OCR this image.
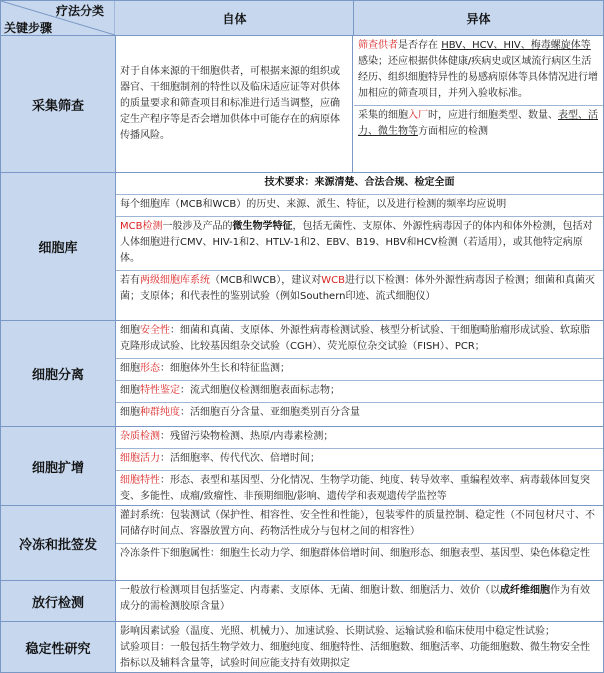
疗法分类
关键步骤
自体	异体
采集筛查

对于自体来源的干细胞供者，可根据来源的组织或器官、干细胞制剂的特性以及临床适应证等对供体的质量要求和筛查项目和标准进行适当调整，应确定生产程序等是否会增加供体中可能存在的病原体传播风险。

筛查供者是否存在 HBV、HCV、HIV、梅毒螺旋体等感染；还应根据供体健康/疾病史或区域流行病区生活经历、组织细胞特异性的易感病原体等具体情况进行增加相应的筛查项目，并列入验收标准。

采集的细胞入厂时，应进行细胞类型、数量、表型、活力、微生物等方面相应的检测

细胞库

技术要求：来源清楚、合法合规、检定全面

每个细胞库（MCB和WCB）的历史、来源、派生、特征，以及进行检测的频率均应说明

MCB检测一般涉及产品的微生物学特征，包括无菌性、支原体、外源性病毒因子的体内和体外检测，包括对人体细胞进行CMV、HIV-1和2、HTLV-1和2、EBV、B19、HBV和HCV检测（若适用），或其他特定病原体。

若有两级细胞库系统（MCB和WCB），建议对WCB进行以下检测：体外外源性病毒因子检测；细菌和真菌灭菌；支原体；和代表性的鉴别试验（例如Southern印迹、流式细胞仪）

细胞分离

细胞安全性：细菌和真菌、支原体、外源性病毒检测试验、核型分析试验、干细胞畸胎瘤形成试验、软琼脂克隆形成试验、比较基因组杂交试验（CGH）、荧光原位杂交试验（FISH）、PCR；

细胞形态：细胞体外生长和特征监测；

细胞特性鉴定：流式细胞仪检测细胞表面标志物；

细胞种群纯度：活细胞百分含量、亚细胞类别百分含量

细胞扩增

杂质检测：残留污染物检测、热原/内毒素检测；

细胞活力：活细胞率、传代代次、倍增时间；

细胞特性：形态、表型和基因型、分化情况、生物学功能、纯度、转导效率、重编程效率、病毒载体回复突变、多能性、成瘤/致瘤性、非预期细胞/影响、遗传学和表观遗传学监控等

冷冻和批签发

灌封系统：包装测试（保护性、相容性、安全性和性能），包装零件的质量控制、稳定性（不同包材尺寸、不同储存时间点、容器放置方向、药物活性成分与包材之间的相容性）

冷冻条件下细胞属性：细胞生长动力学、细胞群体倍增时间、细胞形态、细胞表型、基因型、染色体稳定性

放行检测

一般放行检测项目包括鉴定、内毒素、支原体、无菌、细胞计数、细胞活力、效价（以成纤维细胞作为有效成分的需检测胶原含量）

稳定性研究

影响因素试验（温度、光照、机械力）、加速试验、长期试验、运输试验和临床使用中稳定性试验；

试验项目：一般包括生物学效力、细胞纯度、细胞特性、活细胞数、细胞活率、功能细胞数、微生物安全性指标以及辅料含量等，试验时间应能支持有效期拟定
